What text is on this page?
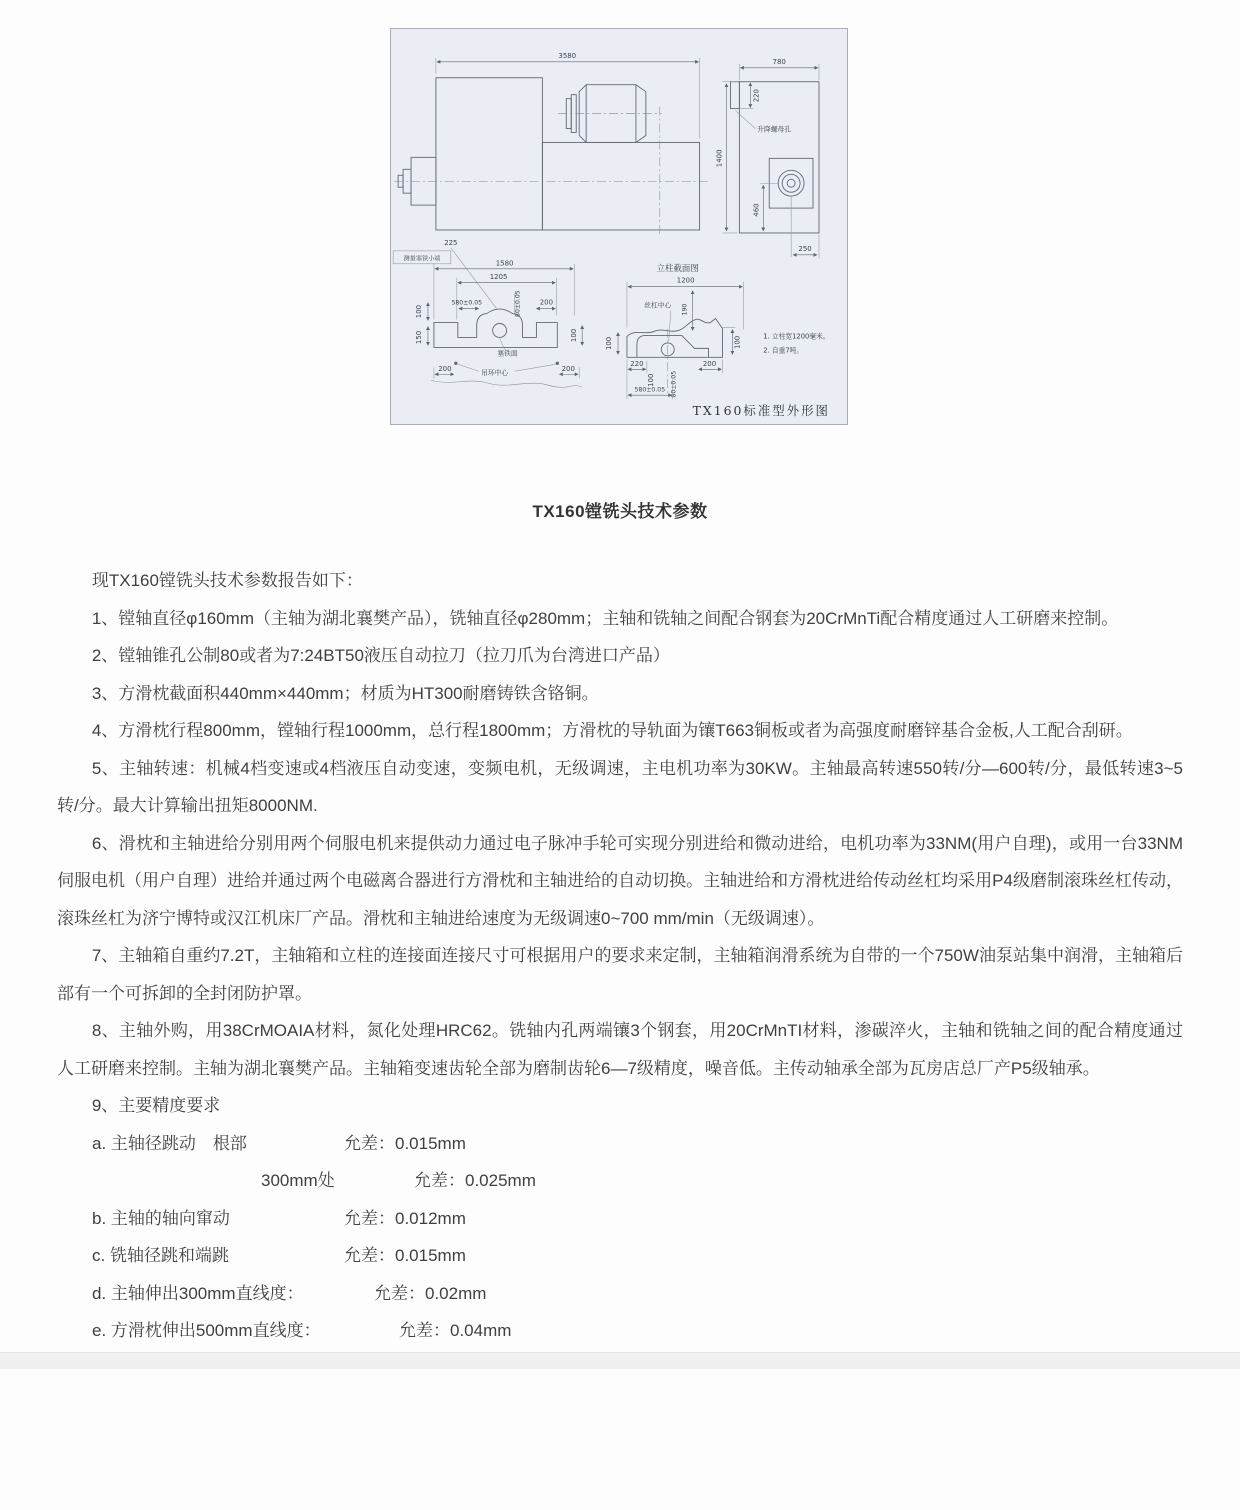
3580
780
220
升降螺母孔
1400
460
250
225
测量塞铁小端
1580
1205
580±0.05	80±0.05
100
200
150
塞铁面
吊环中心
200	200
100
立柱截面图
1200
丝杠中心 190
100	100
220
100	80±0.05
200
580±0.05
1. 立柱宽1200毫米。
2. 自重7吨。
TX160标准型外形图
TX160镗铣头技术参数

现TX160镗铣头技术参数报告如下：

1、镗轴直径φ160mm（主轴为湖北襄樊产品），铣轴直径φ280mm；主轴和铣轴之间配合钢套为20CrMnTi配合精度通过人工研磨来控制。

2、镗轴锥孔公制80或者为7:24BT50液压自动拉刀（拉刀爪为台湾进口产品）

3、方滑枕截面积440mm×440mm；材质为HT300耐磨铸铁含铬铜。

4、方滑枕行程800mm，镗轴行程1000mm，总行程1800mm；方滑枕的导轨面为镶T663铜板或者为高强度耐磨锌基合金板,人工配合刮研。

5、主轴转速：机械4档变速或4档液压自动变速，变频电机，无级调速，主电机功率为30KW。主轴最高转速550转/分—600转/分，最低转速3~5转/分。最大计算输出扭矩8000NM.

6、滑枕和主轴进给分别用两个伺服电机来提供动力通过电子脉冲手轮可实现分别进给和微动进给，电机功率为33NM(用户自理)，或用一台33NM伺服电机（用户自理）进给并通过两个电磁离合器进行方滑枕和主轴进给的自动切换。主轴进给和方滑枕进给传动丝杠均采用P4级磨制滚珠丝杠传动，滚珠丝杠为济宁博特或汉江机床厂产品。滑枕和主轴进给速度为无级调速0~700 mm/min（无级调速）。

7、主轴箱自重约7.2T，主轴箱和立柱的连接面连接尺寸可根据用户的要求来定制，主轴箱润滑系统为自带的一个750W油泵站集中润滑，主轴箱后部有一个可拆卸的全封闭防护罩。

8、主轴外购，用38CrMOAIA材料，氮化处理HRC62。铣轴内孔两端镶3个钢套，用20CrMnTI材料，渗碳淬火，主轴和铣轴之间的配合精度通过人工研磨来控制。主轴为湖北襄樊产品。主轴箱变速齿轮全部为磨制齿轮6—7级精度，噪音低。主传动轴承全部为瓦房店总厂产P5级轴承。

9、主要精度要求

a. 主轴径跳动　根部	允差：0.015mm
300mm处	允差：0.025mm
b. 主轴的轴向窜动	允差：0.012mm
c. 铣轴径跳和端跳	允差：0.015mm
d. 主轴伸出300mm直线度：	允差：0.02mm
e. 方滑枕伸出500mm直线度：	允差：0.04mm
